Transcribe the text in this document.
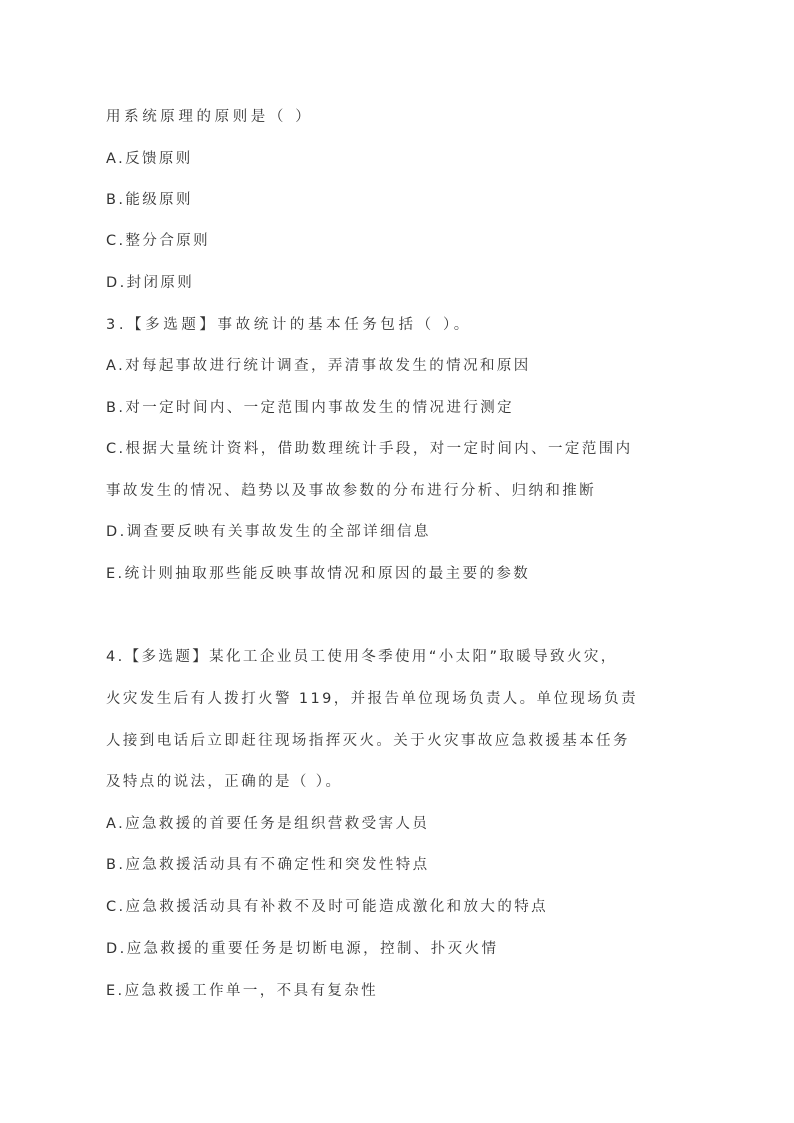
用系统原理的原则是（ ）
A.反馈原则
B.能级原则
C.整分合原则
D.封闭原则
3.【多选题】事故统计的基本任务包括（ ）。
A.对每起事故进行统计调查，弄清事故发生的情况和原因
B.对一定时间内、一定范围内事故发生的情况进行测定
C.根据大量统计资料，借助数理统计手段，对一定时间内、一定范围内
事故发生的情况、趋势以及事故参数的分布进行分析、归纳和推断
D.调查要反映有关事故发生的全部详细信息
E.统计则抽取那些能反映事故情况和原因的最主要的参数
4.【多选题】某化工企业员工使用冬季使用“小太阳”取暖导致火灾，
火灾发生后有人拨打火警 119，并报告单位现场负责人。单位现场负责
人接到电话后立即赶往现场指挥灭火。关于火灾事故应急救援基本任务
及特点的说法，正确的是（ ）。
A.应急救援的首要任务是组织营救受害人员
B.应急救援活动具有不确定性和突发性特点
C.应急救援活动具有补救不及时可能造成激化和放大的特点
D.应急救援的重要任务是切断电源，控制、扑灭火情
E.应急救援工作单一，不具有复杂性
